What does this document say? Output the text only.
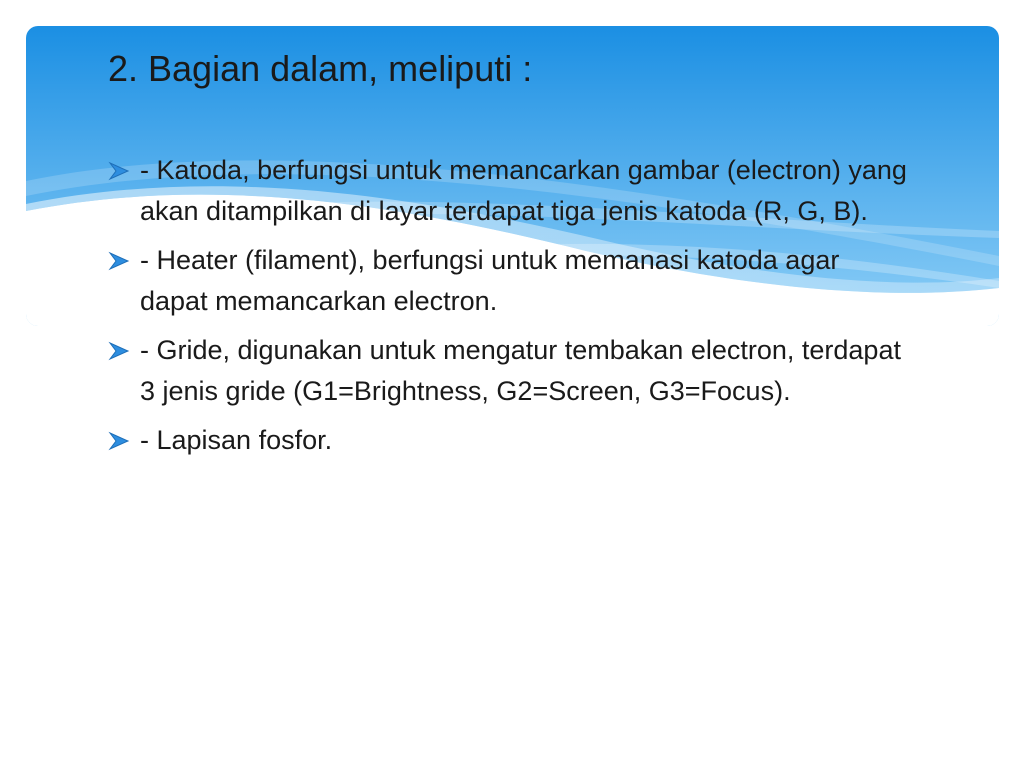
2. Bagian dalam, meliputi :
- Katoda, berfungsi untuk memancarkan gambar (electron) yang akan ditampilkan di layar terdapat tiga jenis katoda (R, G, B).
- Heater (filament), berfungsi untuk memanasi katoda agar dapat memancarkan electron.
- Gride, digunakan untuk mengatur tembakan electron, terdapat 3 jenis gride (G1=Brightness, G2=Screen, G3=Focus).
- Lapisan fosfor.
